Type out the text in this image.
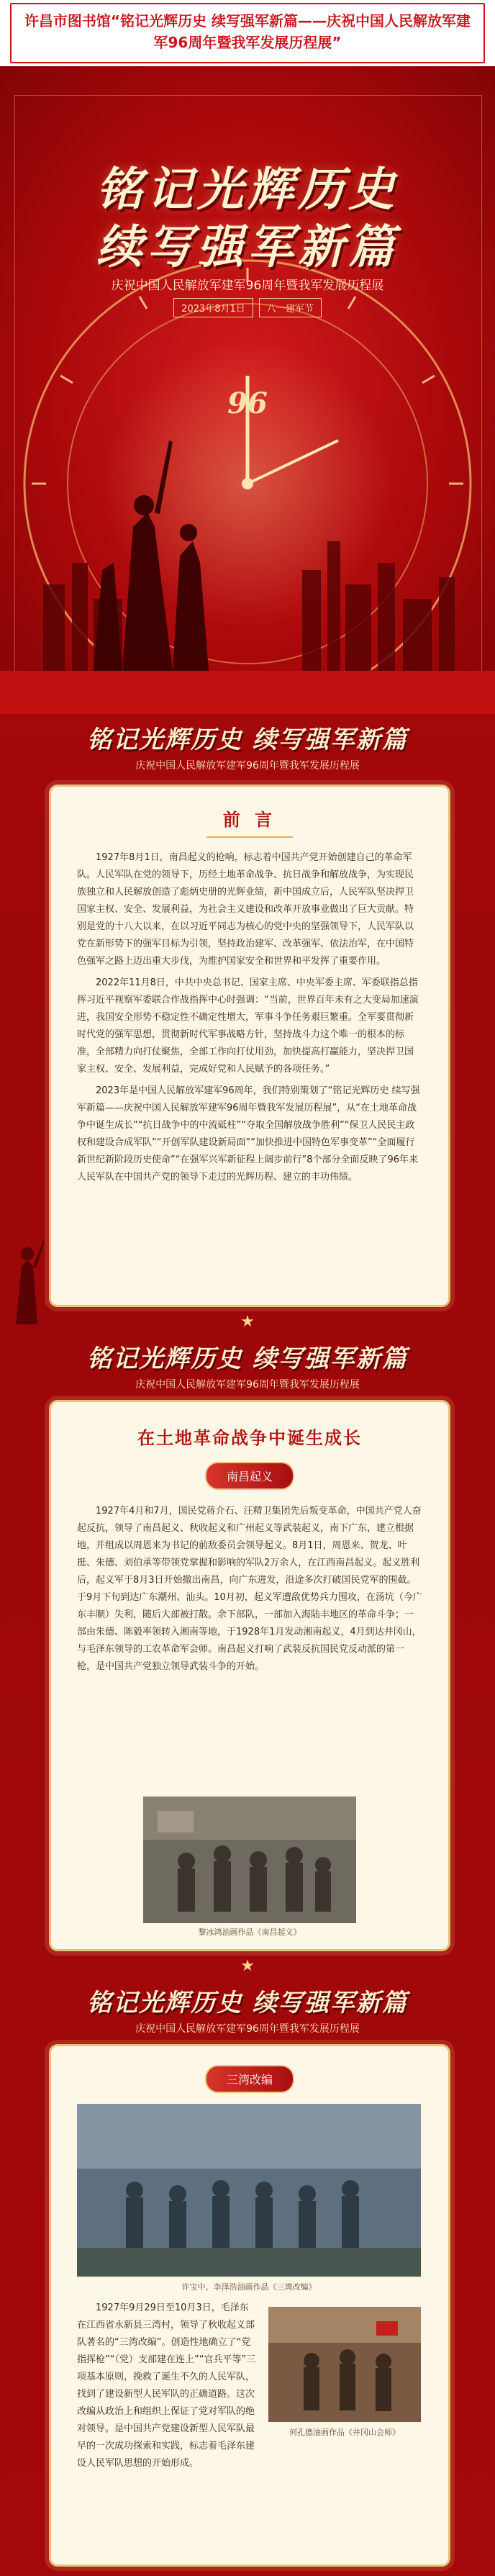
许昌市图书馆“铭记光辉历史 续写强军新篇——庆祝中国人民解放军建军96周年暨我军发展历程展”
铭记光辉历史
续写强军新篇
庆祝中国人民解放军建军96周年暨我军发展历程展
2023年8月1日 八一建军节
96
铭记光辉历史 续写强军新篇
庆祝中国人民解放军建军96周年暨我军发展历程展
前 言

1927年8月1日，南昌起义的枪响，标志着中国共产党开始创建自己的革命军队。人民军队在党的领导下，历经土地革命战争、抗日战争和解放战争，为实现民族独立和人民解放创造了彪炳史册的光辉业绩，新中国成立后，人民军队坚决捍卫国家主权、安全、发展利益，为社会主义建设和改革开放事业做出了巨大贡献。特别是党的十八大以来，在以习近平同志为核心的党中央的坚强领导下，人民军队以党在新形势下的强军目标为引领，坚持政治建军、改革强军、依法治军，在中国特色强军之路上迈出重大步伐，为维护国家安全和世界和平发挥了重要作用。

2022年11月8日，中共中央总书记、国家主席、中央军委主席、军委联指总指挥习近平视察军委联合作战指挥中心时强调：“当前，世界百年未有之大变局加速演进，我国安全形势不稳定性不确定性增大，军事斗争任务艰巨繁重。全军要贯彻新时代党的强军思想，贯彻新时代军事战略方针，坚持战斗力这个唯一的根本的标准，全部精力向打仗聚焦，全部工作向打仗用劲，加快提高打赢能力，坚决捍卫国家主权、安全、发展利益，完成好党和人民赋予的各项任务。”

2023年是中国人民解放军建军96周年，我们特别策划了“铭记光辉历史 续写强军新篇——庆祝中国人民解放军建军96周年暨我军发展历程展”，从“在土地革命战争中诞生成长”“抗日战争中的中流砥柱”“夺取全国解放战争胜利”“保卫人民民主政权和建设合成军队”“开创军队建设新局面”“加快推进中国特色军事变革”“全面履行新世纪新阶段历史使命”“在强军兴军新征程上阔步前行”8个部分全面反映了96年来人民军队在中国共产党的领导下走过的光辉历程、建立的丰功伟绩。

★
铭记光辉历史 续写强军新篇
庆祝中国人民解放军建军96周年暨我军发展历程展
在土地革命战争中诞生成长
南昌起义

1927年4月和7月，国民党蒋介石、汪精卫集团先后叛变革命，中国共产党人奋起反抗，领导了南昌起义、秋收起义和广州起义等武装起义，南下广东，建立根据地，并组成以周恩来为书记的前敌委员会领导起义。8月1日，周恩来、贺龙、叶挺、朱德、刘伯承等带领党掌握和影响的军队2万余人，在江西南昌起义。起义胜利后，起义军于8月3日开始撤出南昌，向广东进发，沿途多次打破国民党军的围截。于9月下旬到达广东潮州、汕头。10月初，起义军遭敌优势兵力围攻，在汤坑（今广东丰顺）失利，随后大部被打散。余下部队，一部加入海陆丰地区的革命斗争；一部由朱德、陈毅率领转入湘南等地，于1928年1月发动湘南起义，4月到达井冈山，与毛泽东领导的工农革命军会师。南昌起义打响了武装反抗国民党反动派的第一枪，是中国共产党独立领导武装斗争的开始。

黎冰鸿油画作品《南昌起义》
★
铭记光辉历史 续写强军新篇
庆祝中国人民解放军建军96周年暨我军发展历程展
三湾改编
许宝中、李泽浩油画作品《三湾改编》

1927年9月29日至10月3日，毛泽东在江西省永新县三湾村，领导了秋收起义部队著名的“三湾改编”。创造性地确立了“党指挥枪”“（党）支部建在连上”“官兵平等”三项基本原则，挽救了诞生不久的人民军队，找到了建设新型人民军队的正确道路。这次改编从政治上和组织上保证了党对军队的绝对领导。是中国共产党建设新型人民军队最早的一次成功探索和实践，标志着毛泽东建设人民军队思想的开始形成。

何孔德油画作品《井冈山会师》
